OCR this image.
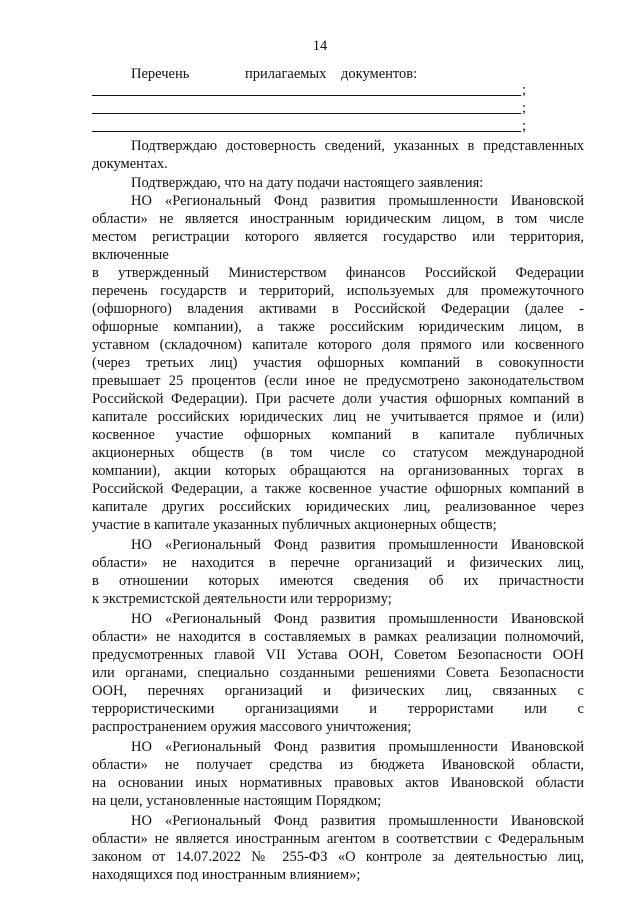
14
Перечень	прилагаемых документов:
;
;
;
Подтверждаю достоверность сведений, указанных в представленных
документах.
Подтверждаю, что на дату подачи настоящего заявления:
НО «Региональный Фонд развития промышленности Ивановской
области» не является иностранным юридическим лицом, в том числе
местом регистрации которого является государство или территория,
включенные
в утвержденный Министерством финансов Российской Федерации
перечень государств и территорий, используемых для промежуточного
(офшорного) владения активами в Российской Федерации (далее -
офшорные компании), а также российским юридическим лицом, в
уставном (складочном) капитале которого доля прямого или косвенного
(через третьих лиц) участия офшорных компаний в совокупности
превышает 25 процентов (если иное не предусмотрено законодательством
Российской Федерации). При расчете доли участия офшорных компаний в
капитале российских юридических лиц не учитывается прямое и (или)
косвенное участие офшорных компаний в капитале публичных
акционерных обществ (в том числе со статусом международной
компании), акции которых обращаются на организованных торгах в
Российской Федерации, а также косвенное участие офшорных компаний в
капитале других российских юридических лиц, реализованное через
участие в капитале указанных публичных акционерных обществ;
НО «Региональный Фонд развития промышленности Ивановской
области» не находится в перечне организаций и физических лиц,
в отношении которых имеются сведения об их причастности
к экстремистской деятельности или терроризму;
НО «Региональный Фонд развития промышленности Ивановской
области» не находится в составляемых в рамках реализации полномочий,
предусмотренных главой VII Устава ООН, Советом Безопасности ООН
или органами, специально созданными решениями Совета Безопасности
ООН, перечнях организаций и физических лиц, связанных с
террористическими организациями и террористами или с
распространением оружия массового уничтожения;
НО «Региональный Фонд развития промышленности Ивановской
области» не получает средства из бюджета Ивановской области,
на основании иных нормативных правовых актов Ивановской области
на цели, установленные настоящим Порядком;
НО «Региональный Фонд развития промышленности Ивановской
области» не является иностранным агентом в соответствии с Федеральным
законом от 14.07.2022 № 255-ФЗ «О контроле за деятельностью лиц,
находящихся под иностранным влиянием»;
